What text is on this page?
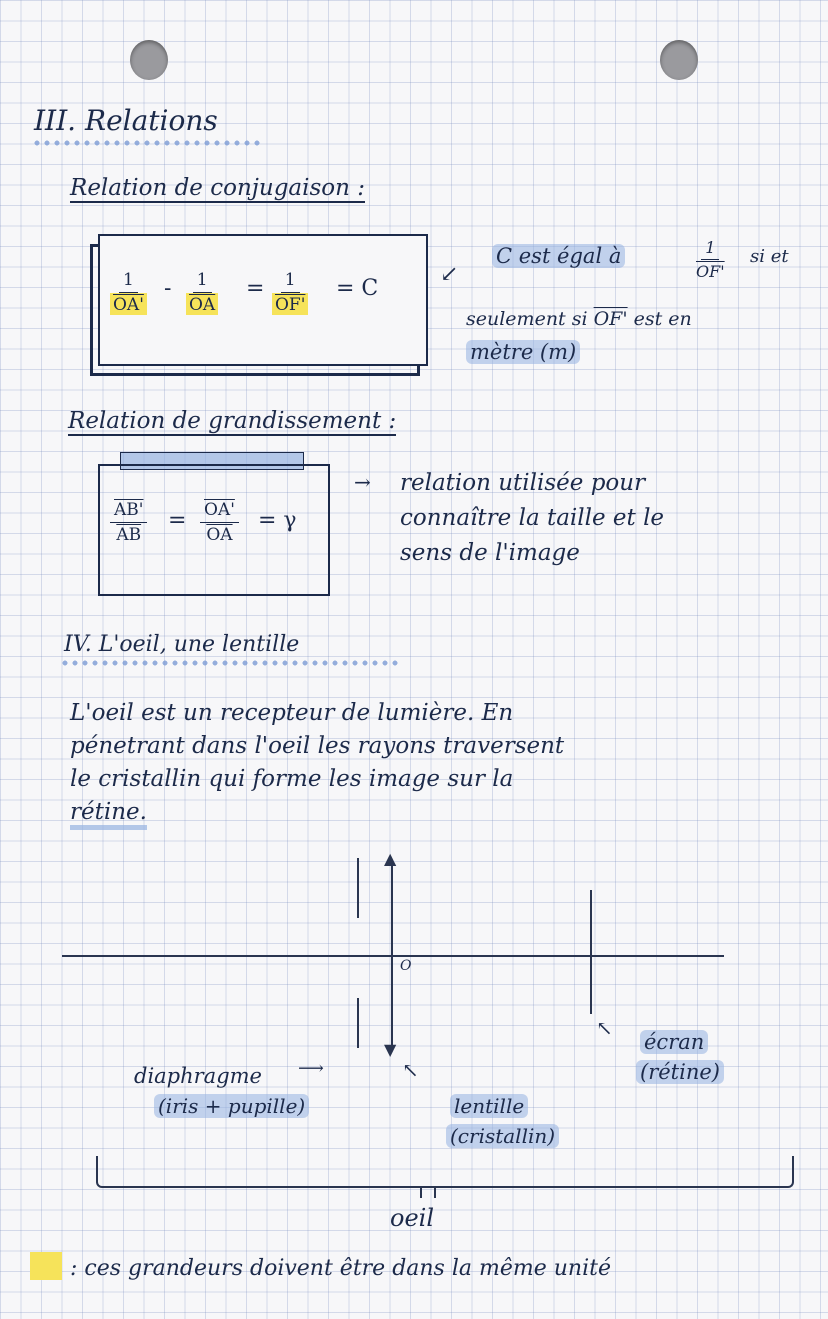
III. Relations
Relation de conjugaison :
$\frac{1}{OA'} - \frac{1}{OA} = \frac{1}{OF'} = C$
↙
C est égal à	$\frac{1}{OF'}$ si et
seulement si OF' est en
mètre (m)
Relation de grandissement :
$\frac{AB'}{AB} = \frac{OA'}{OA} = \gamma$
→ relation utilisée pour
connaître la taille et le
sens de l'image
IV. L'oeil, une lentille
L'oeil est un recepteur de lumière. En
pénetrant dans l'oeil les rayons traversent
le cristallin qui forme les image sur la
rétine.
▲
▼
O
⟶
diaphragme
(iris + pupille)
↖
lentille
(cristallin)
↖
écran
(rétine)
oeil
: ces grandeurs doivent être dans la même unité
